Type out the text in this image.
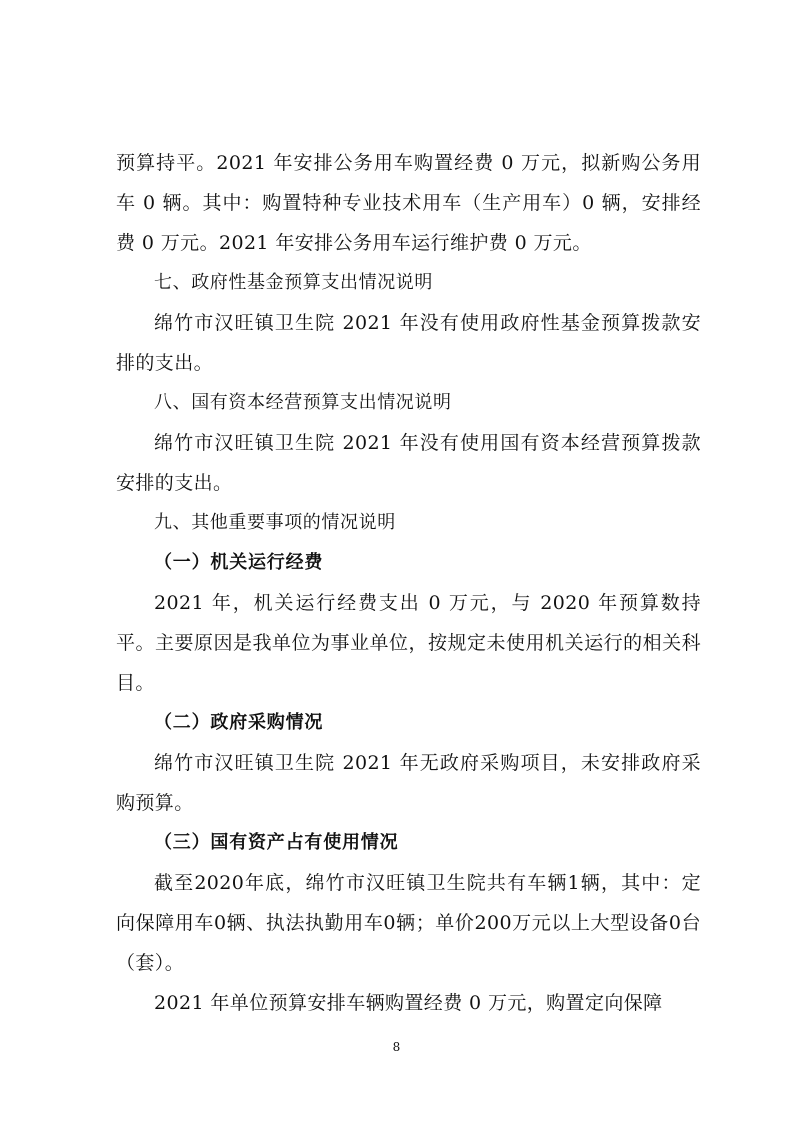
预算持平。2021 年安排公务用车购置经费 0 万元，拟新购公务用车 0 辆。其中：购置特种专业技术用车（生产用车）0 辆，安排经费 0 万元。2021 年安排公务用车运行维护费 0 万元。

七、政府性基金预算支出情况说明

绵竹市汉旺镇卫生院 2021 年没有使用政府性基金预算拨款安排的支出。

八、国有资本经营预算支出情况说明

绵竹市汉旺镇卫生院 2021 年没有使用国有资本经营预算拨款安排的支出。

九、其他重要事项的情况说明

（一）机关运行经费

2021 年，机关运行经费支出 0 万元，与 2020 年预算数持平。主要原因是我单位为事业单位，按规定未使用机关运行的相关科目。

（二）政府采购情况

绵竹市汉旺镇卫生院 2021 年无政府采购项目，未安排政府采购预算。

（三）国有资产占有使用情况

截至2020年底，绵竹市汉旺镇卫生院共有车辆1辆，其中：定向保障用车0辆、执法执勤用车0辆；单价200万元以上大型设备0台（套）。

2021 年单位预算安排车辆购置经费 0 万元，购置定向保障

8
